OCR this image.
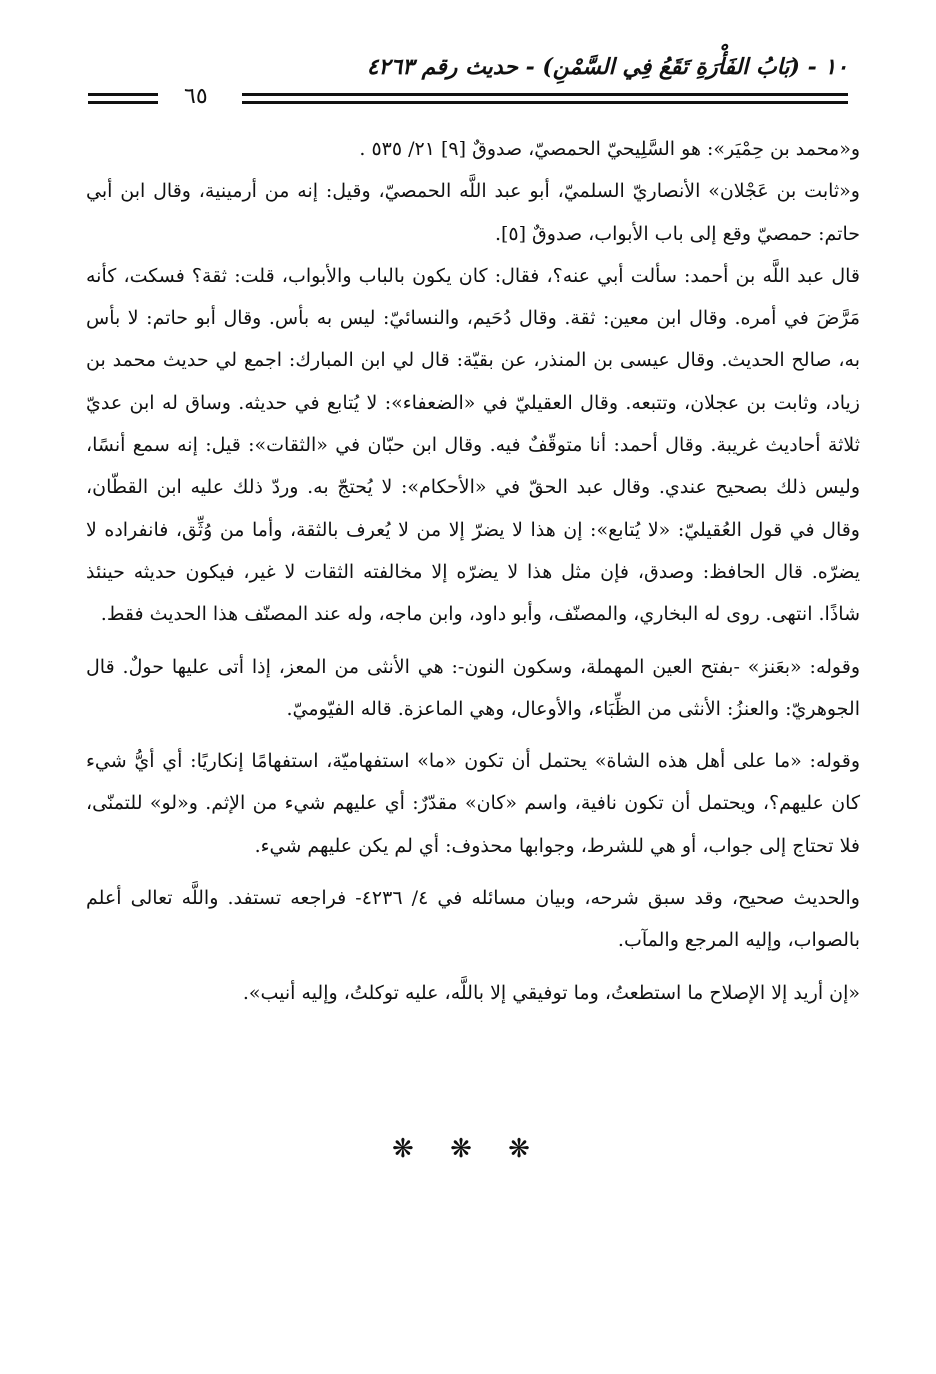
١٠ - (بَابُ الفَأْرَةِ تَقَعُ فِي السَّمْنِ) - حديث رقم ٤٢٦٣
٦٥

و«محمد بن حِمْيَر»: هو السَّلِيحيّ الحمصيّ، صدوقٌ [٩] ٢١/ ٥٣٥ .

و«ثابت بن عَجْلان» الأنصاريّ السلميّ، أبو عبد اللَّه الحمصيّ، وقيل: إنه من أرمينية، وقال ابن أبي حاتم: حمصيّ وقع إلى باب الأبواب، صدوقٌ [٥].

قال عبد اللَّه بن أحمد: سألت أبي عنه؟، فقال: كان يكون بالباب والأبواب، قلت: ثقة؟ فسكت، كأنه مَرَّضَ في أمره. وقال ابن معين: ثقة. وقال دُحَيم، والنسائيّ: ليس به بأس. وقال أبو حاتم: لا بأس به، صالح الحديث. وقال عيسى بن المنذر، عن بقيّة: قال لي ابن المبارك: اجمع لي حديث محمد بن زياد، وثابت بن عجلان، وتتبعه. وقال العقيليّ في «الضعفاء»: لا يُتابع في حديثه. وساق له ابن عديّ ثلاثة أحاديث غريبة. وقال أحمد: أنا متوقّفٌ فيه. وقال ابن حبّان في «الثقات»: قيل: إنه سمع أنسًا، وليس ذلك بصحيح عندي. وقال عبد الحقّ في «الأحكام»: لا يُحتجّ به. وردّ ذلك عليه ابن القطّان، وقال في قول العُقيليّ: «لا يُتابع»: إن هذا لا يضرّ إلا من لا يُعرف بالثقة، وأما من وُثِّق، فانفراده لا يضرّه. قال الحافظ: وصدق، فإن مثل هذا لا يضرّه إلا مخالفته الثقات لا غير، فيكون حديثه حينئذ شاذًا. انتهى. روى له البخاري، والمصنّف، وأبو داود، وابن ماجه، وله عند المصنّف هذا الحديث فقط.

وقوله: «بعَنز» -بفتح العين المهملة، وسكون النون-: هي الأنثى من المعز، إذا أتى عليها حولٌ. قال الجوهريّ: والعنزُ: الأنثى من الظِّبَاء، والأوعال، وهي الماعزة. قاله الفيّوميّ.

وقوله: «ما على أهل هذه الشاة» يحتمل أن تكون «ما» استفهاميّة، استفهامًا إنكاريًا: أي أيُّ شيء كان عليهم؟، ويحتمل أن تكون نافية، واسم «كان» مقدّرٌ: أي عليهم شيء من الإثم. و«لو» للتمنّى، فلا تحتاج إلى جواب، أو هي للشرط، وجوابها محذوف: أي لم يكن عليهم شيء.

والحديث صحيح، وقد سبق شرحه، وبيان مسائله في ٤/ ٤٢٣٦- فراجعه تستفد. واللَّه تعالى أعلم بالصواب، وإليه المرجع والمآب.

«إن أريد إلا الإصلاح ما استطعتُ، وما توفيقي إلا باللَّه، عليه توكلتُ، وإليه أنيب».

❋ ❋ ❋
